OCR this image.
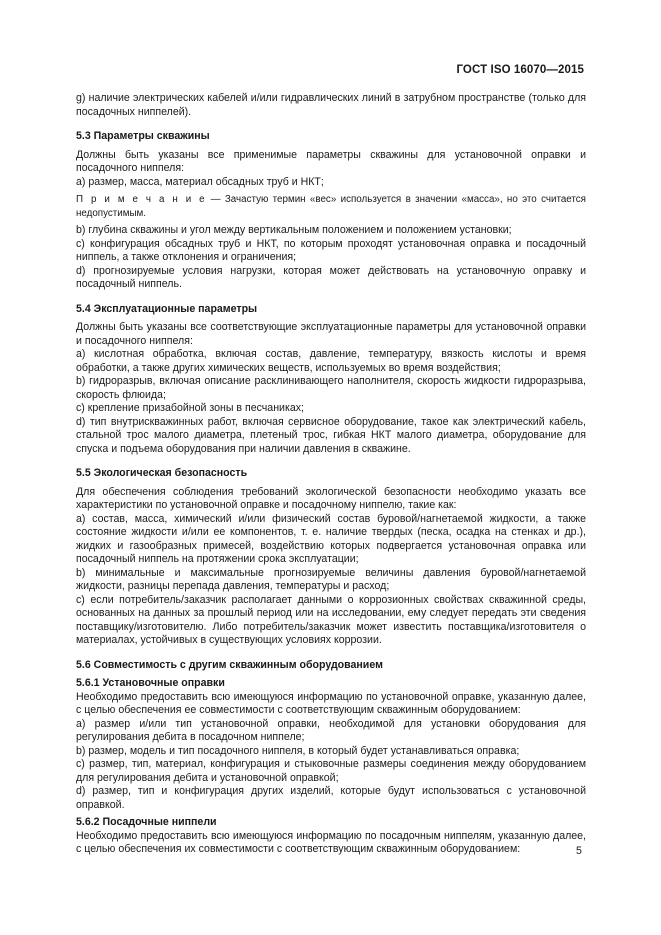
ГОСТ ISO 16070—2015

g) наличие электрических кабелей и/или гидравлических линий в затрубном пространстве (только для посадочных ниппелей).

5.3 Параметры скважины

Должны быть указаны все применимые параметры скважины для установочной оправки и посадочного ниппеля:

a) размер, масса, материал обсадных труб и НКТ;

П р и м е ч а н и е — Зачастую термин «вес» используется в значении «масса», но это считается недопустимым.

b) глубина скважины и угол между вертикальным положением и положением установки;

c) конфигурация обсадных труб и НКТ, по которым проходят установочная оправка и посадочный ниппель, а также отклонения и ограничения;

d) прогнозируемые условия нагрузки, которая может действовать на установочную оправку и посадочный ниппель.

5.4 Эксплуатационные параметры

Должны быть указаны все соответствующие эксплуатационные параметры для установочной оправки и посадочного ниппеля:

a) кислотная обработка, включая состав, давление, температуру, вязкость кислоты и время обработки, а также других химических веществ, используемых во время воздействия;

b) гидроразрыв, включая описание расклинивающего наполнителя, скорость жидкости гидроразрыва, скорость флюида;

c) крепление призабойной зоны в песчаниках;

d) тип внутрискважинных работ, включая сервисное оборудование, такое как электрический кабель, стальной трос малого диаметра, плетеный трос, гибкая НКТ малого диаметра, оборудование для спуска и подъема оборудования при наличии давления в скважине.

5.5 Экологическая безопасность

Для обеспечения соблюдения требований экологической безопасности необходимо указать все характеристики по установочной оправке и посадочному ниппелю, такие как:

a) состав, масса, химический и/или физический состав буровой/нагнетаемой жидкости, а также состояние жидкости и/или ее компонентов, т. е. наличие твердых (песка, осадка на стенках и др.), жидких и газообразных примесей, воздействию которых подвергается установочная оправка или посадочный ниппель на протяжении срока эксплуатации;

b) минимальные и максимальные прогнозируемые величины давления буровой/нагнетаемой жидкости, разницы перепада давления, температуры и расход;

c) если потребитель/заказчик располагает данными о коррозионных свойствах скважинной среды, основанных на данных за прошлый период или на исследовании, ему следует передать эти сведения поставщику/изготовителю. Либо потребитель/заказчик может известить поставщика/изготовителя о материалах, устойчивых в существующих условиях коррозии.

5.6 Совместимость с другим скважинным оборудованием
5.6.1 Установочные оправки

Необходимо предоставить всю имеющуюся информацию по установочной оправке, указанную далее, с целью обеспечения ее совместимости с соответствующим скважинным оборудованием:

a) размер и/или тип установочной оправки, необходимой для установки оборудования для регулирования дебита в посадочном ниппеле;

b) размер, модель и тип посадочного ниппеля, в который будет устанавливаться оправка;

c) размер, тип, материал, конфигурация и стыковочные размеры соединения между оборудованием для регулирования дебита и установочной оправкой;

d) размер, тип и конфигурация других изделий, которые будут использоваться с установочной оправкой.

5.6.2 Посадочные ниппели

Необходимо предоставить всю имеющуюся информацию по посадочным ниппелям, указанную далее, с целью обеспечения их совместимости с соответствующим скважинным оборудованием:	5
